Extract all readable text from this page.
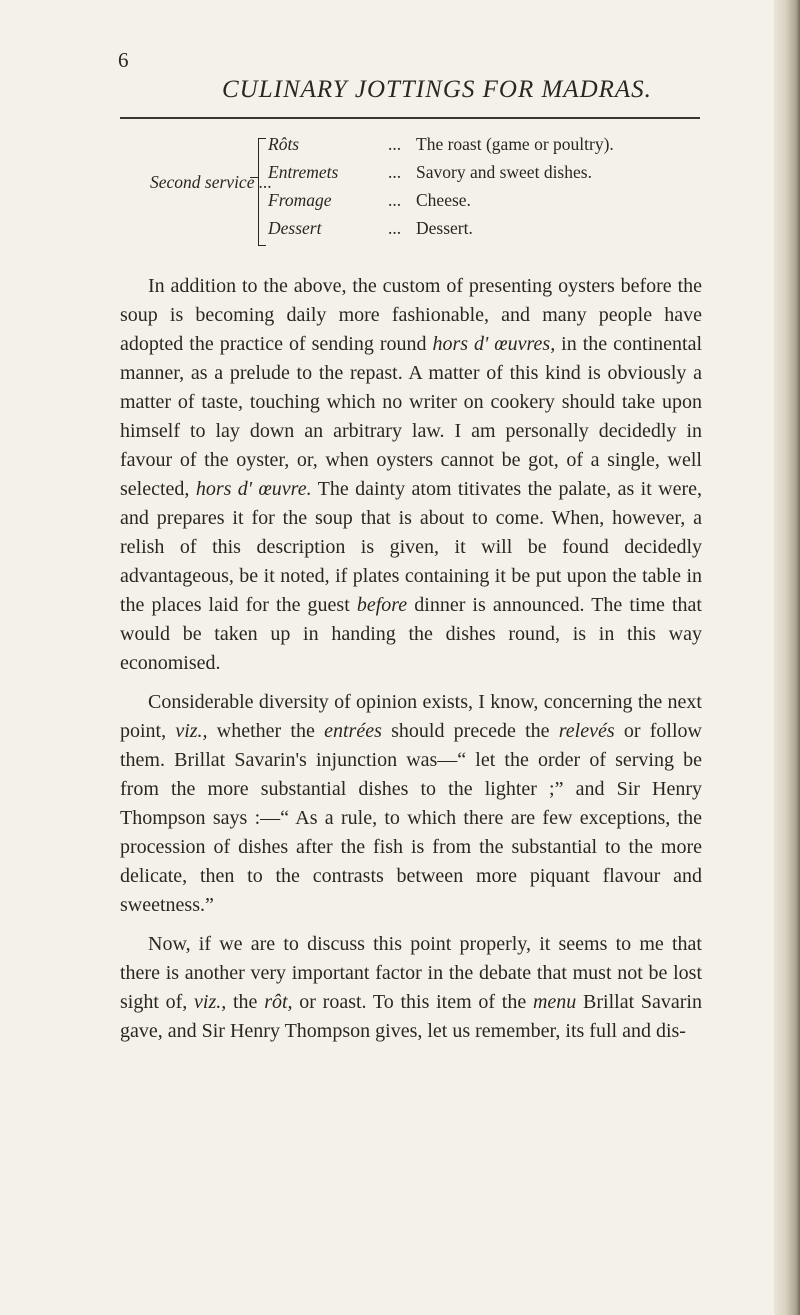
6
CULINARY JOTTINGS FOR MADRAS.
Second service ...
Rôts	... The roast (game or poultry).
Entremets	... Savory and sweet dishes.
Fromage	... Cheese.
Dessert	... Dessert.

In addition to the above, the custom of presenting oysters before the soup is becoming daily more fashionable, and many people have adopted the practice of sending round hors d' œuvres, in the continental manner, as a prelude to the repast. A matter of this kind is obviously a matter of taste, touching which no writer on cookery should take upon himself to lay down an arbitrary law. I am personally decidedly in favour of the oyster, or, when oysters cannot be got, of a single, well selected, hors d' œuvre. The dainty atom titivates the palate, as it were, and prepares it for the soup that is about to come. When, however, a relish of this description is given, it will be found decidedly advantageous, be it noted, if plates containing it be put upon the table in the places laid for the guest before dinner is announced. The time that would be taken up in handing the dishes round, is in this way economised.

Considerable diversity of opinion exists, I know, concerning the next point, viz., whether the entrées should precede the relevés or follow them. Brillat Savarin's injunction was—“ let the order of serving be from the more substantial dishes to the lighter ;” and Sir Henry Thompson says :—“ As a rule, to which there are few exceptions, the procession of dishes after the fish is from the substantial to the more delicate, then to the contrasts between more piquant flavour and sweetness.”

Now, if we are to discuss this point properly, it seems to me that there is another very important factor in the debate that must not be lost sight of, viz., the rôt, or roast. To this item of the menu Brillat Savarin gave, and Sir Henry Thompson gives, let us remember, its full and dis-
